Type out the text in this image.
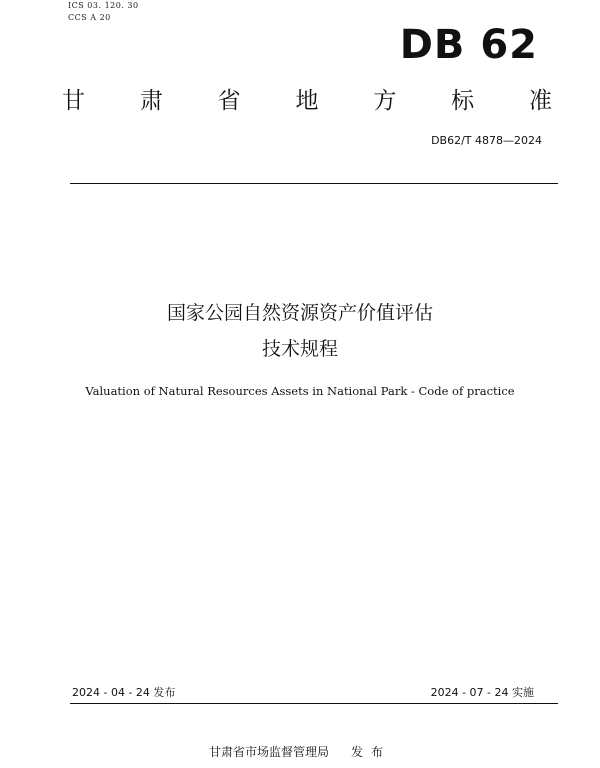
ICS 03. 120. 30
CCS A 20
DB 62
甘 肃 省 地 方 标 准
DB62/T 4878—2024
国家公园自然资源资产价值评估
技术规程
Valuation of Natural Resources Assets in National Park - Code of practice
2024 - 04 - 24 发布	2024 - 07 - 24 实施
甘肃省市场监督管理局 发布
